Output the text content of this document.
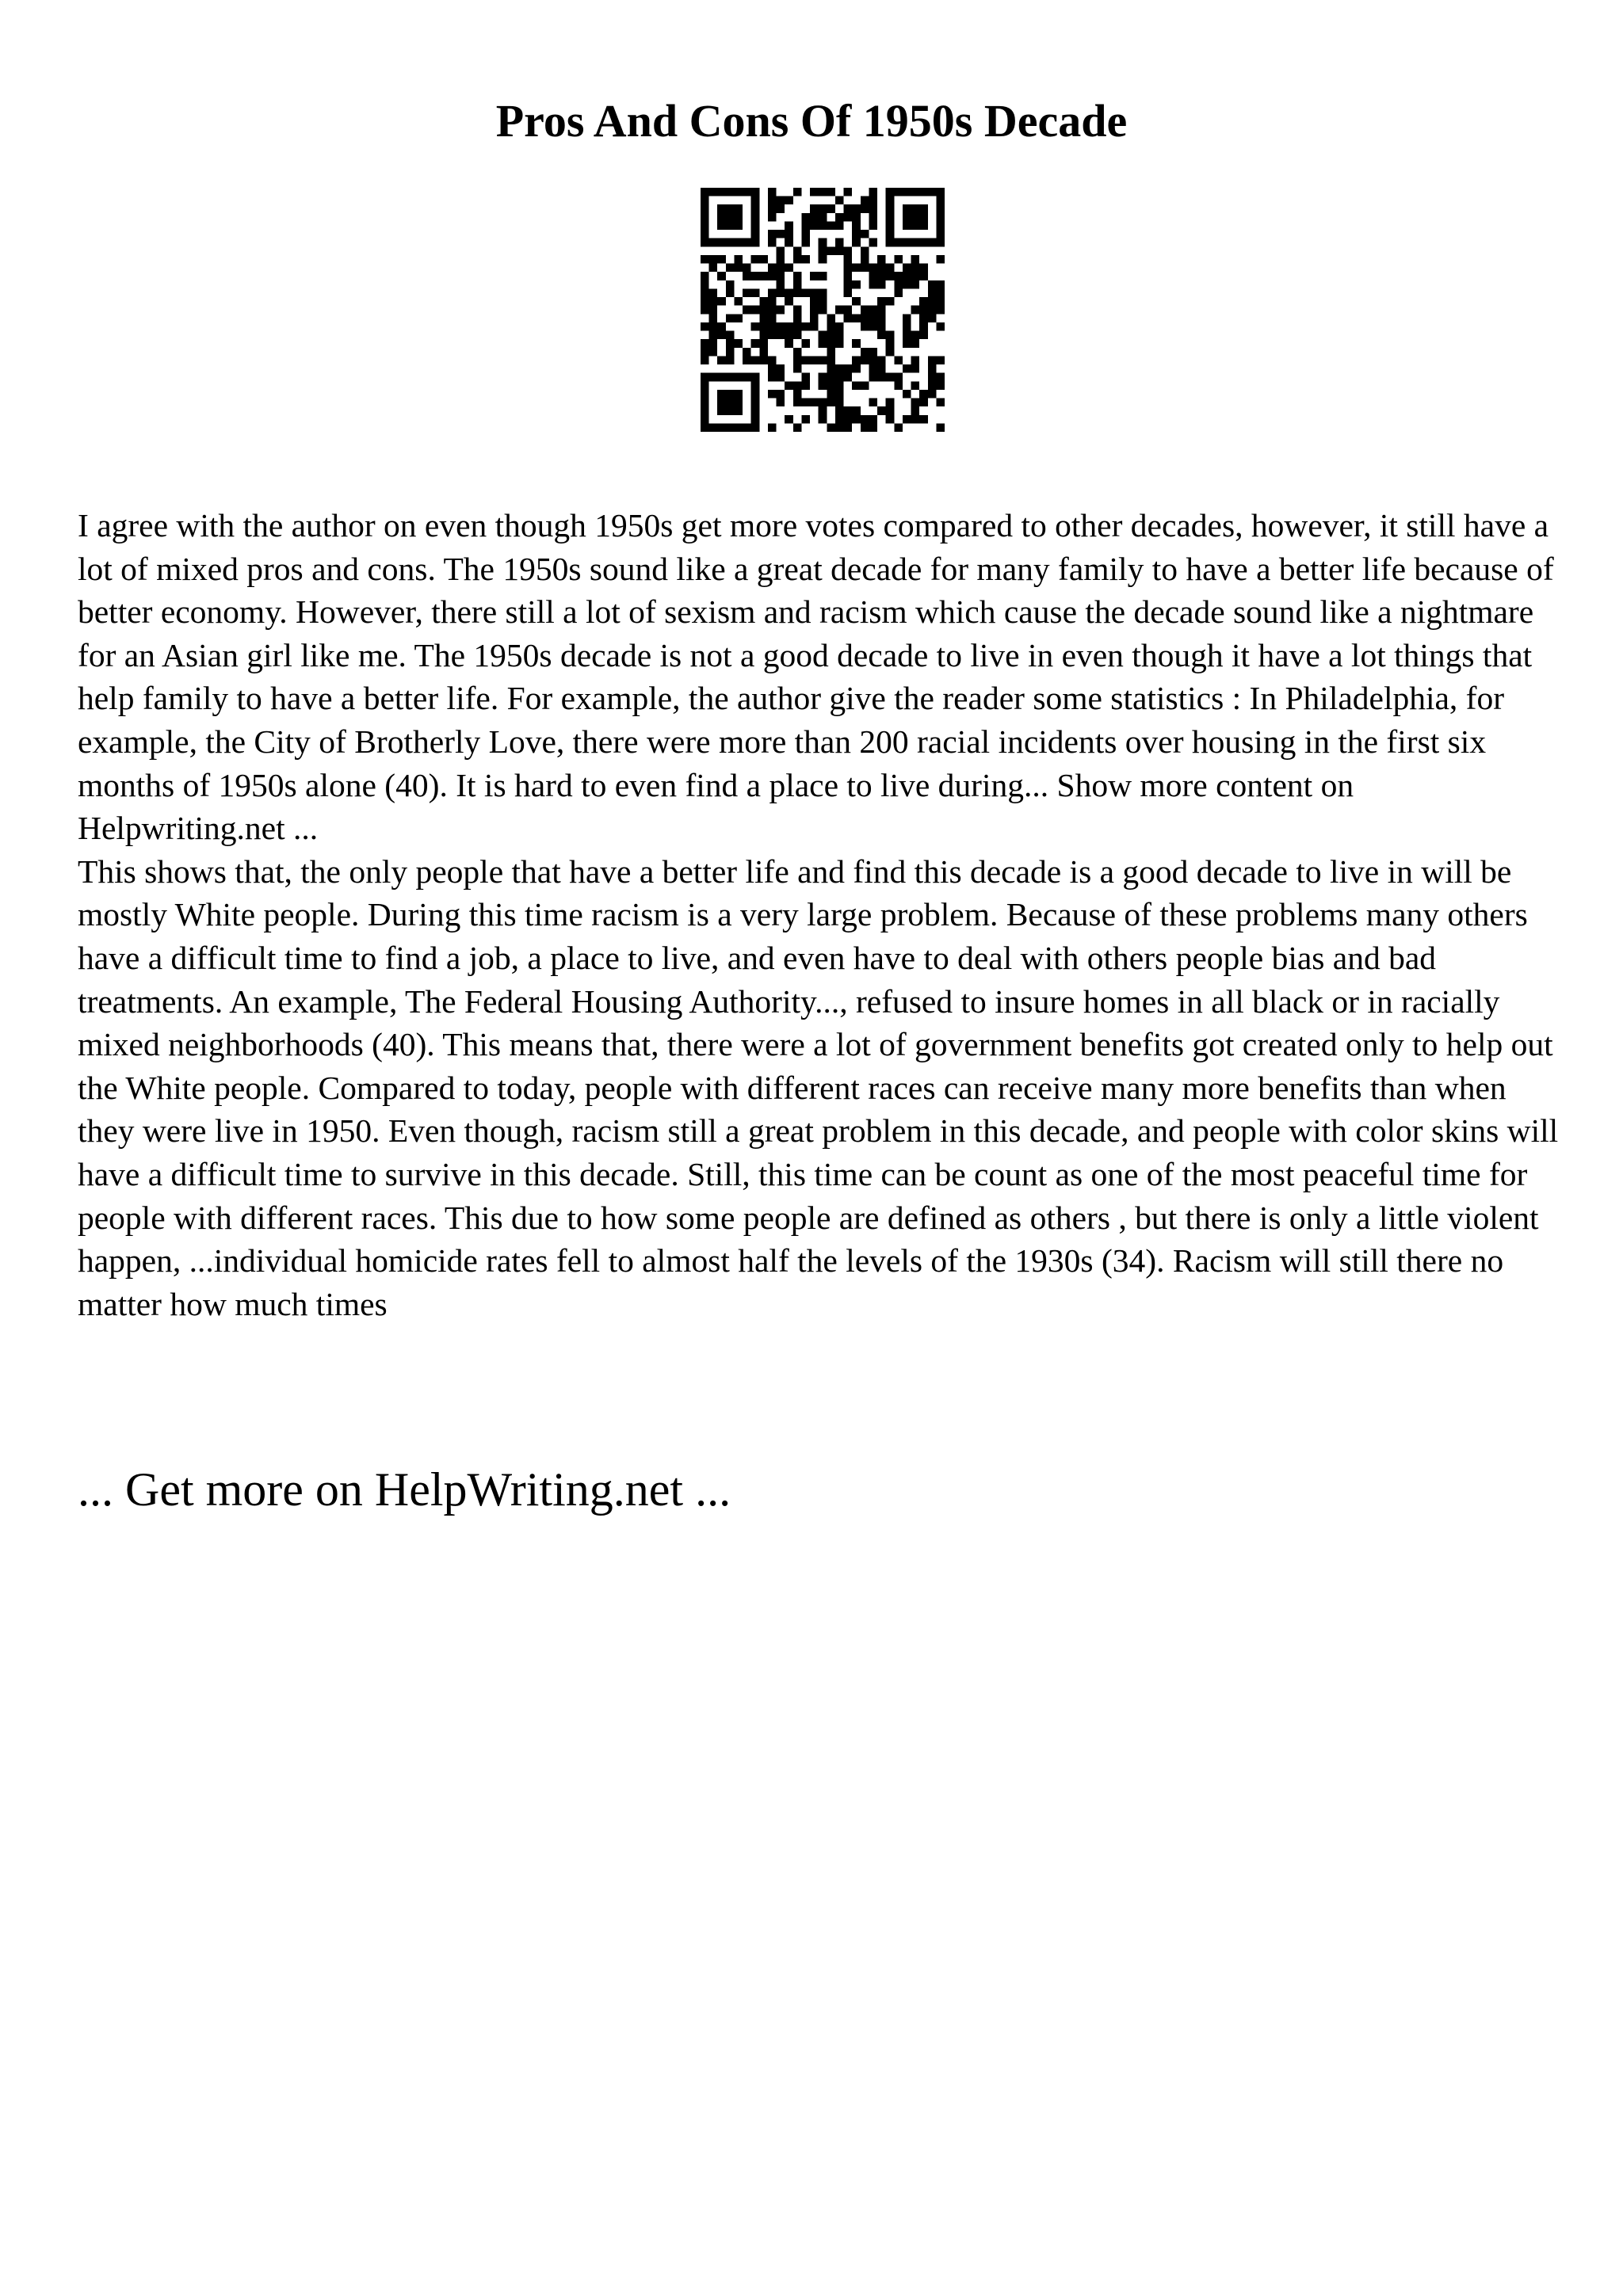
Pros And Cons Of 1950s Decade

I agree with the author on even though 1950s get more votes compared to other decades, however, it still have a lot of mixed pros and cons. The 1950s sound like a great decade for many family to have a better life because of better economy. However, there still a lot of sexism and racism which cause the decade sound like a nightmare for an Asian girl like me. The 1950s decade is not a good decade to live in even though it have a lot things that help family to have a better life. For example, the author give the reader some statistics : In Philadelphia, for example, the City of Brotherly Love, there were more than 200 racial incidents over housing in the first six months of 1950s alone (40). It is hard to even find a place to live during... Show more content on Helpwriting.net ...

This shows that, the only people that have a better life and find this decade is a good decade to live in will be mostly White people. During this time racism is a very large problem. Because of these problems many others have a difficult time to find a job, a place to live, and even have to deal with others people bias and bad treatments. An example, The Federal Housing Authority..., refused to insure homes in all black or in racially mixed neighborhoods (40). This means that, there were a lot of government benefits got created only to help out the White people. Compared to today, people with different races can receive many more benefits than when they were live in 1950. Even though, racism still a great problem in this decade, and people with color skins will have a difficult time to survive in this decade. Still, this time can be count as one of the most peaceful time for people with different races. This due to how some people are defined as others , but there is only a little violent happen, ...individual homicide rates fell to almost half the levels of the 1930s (34). Racism will still there no matter how much times

... Get more on HelpWriting.net ...
